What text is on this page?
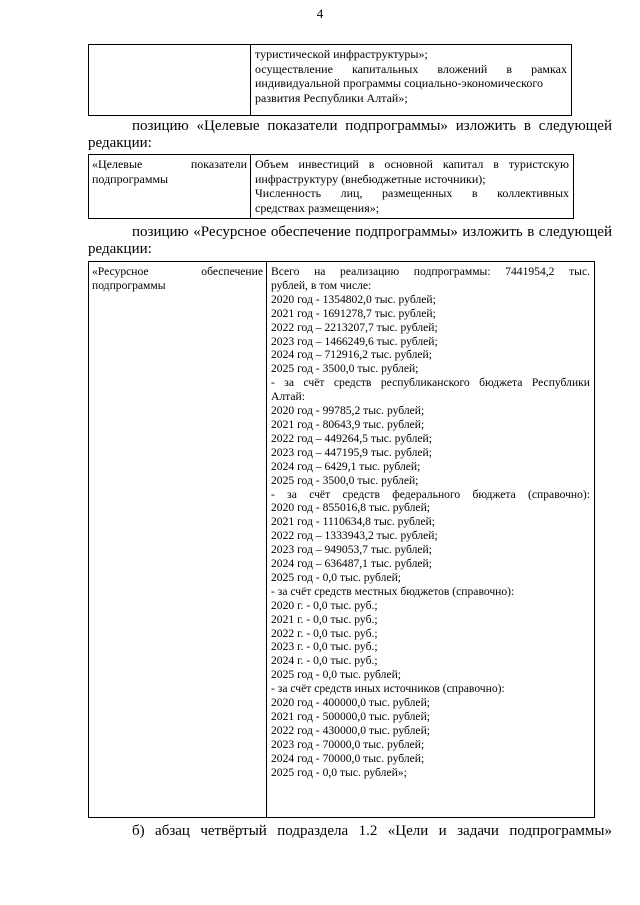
4
туристической инфраструктуры»;
осуществление капитальных вложений в рамках
индивидуальной программы социально-экономического
развития Республики Алтай»;
позицию «Целевые показатели подпрограммы» изложить в следующей
редакции:
«Целевые показатели
подпрограммы
Объем инвестиций в основной капитал в туристскую
инфраструктуру (внебюджетные источники);
Численность лиц, размещенных в коллективных
средствах размещения»;
позицию «Ресурсное обеспечение подпрограммы» изложить в следующей
редакции:
«Ресурсное обеспечение
подпрограммы
Всего на реализацию подпрограммы: 7441954,2 тыс.
рублей, в том числе:
2020 год - 1354802,0 тыс. рублей;
2021 год - 1691278,7 тыс. рублей;
2022 год – 2213207,7 тыс. рублей;
2023 год – 1466249,6 тыс. рублей;
2024 год – 712916,2 тыс. рублей;
2025 год - 3500,0 тыс. рублей;
- за счёт средств республиканского бюджета Республики
Алтай:
2020 год - 99785,2 тыс. рублей;
2021 год - 80643,9 тыс. рублей;
2022 год – 449264,5 тыс. рублей;
2023 год – 447195,9 тыс. рублей;
2024 год – 6429,1 тыс. рублей;
2025 год - 3500,0 тыс. рублей;
- за счёт средств федерального бюджета (справочно):
2020 год - 855016,8 тыс. рублей;
2021 год - 1110634,8 тыс. рублей;
2022 год – 1333943,2 тыс. рублей;
2023 год – 949053,7 тыс. рублей;
2024 год – 636487,1 тыс. рублей;
2025 год - 0,0 тыс. рублей;
- за счёт средств местных бюджетов (справочно):
2020 г. - 0,0 тыс. руб.;
2021 г. - 0,0 тыс. руб.;
2022 г. - 0,0 тыс. руб.;
2023 г. - 0,0 тыс. руб.;
2024 г. - 0,0 тыс. руб.;
2025 год - 0,0 тыс. рублей;
- за счёт средств иных источников (справочно):
2020 год - 400000,0 тыс. рублей;
2021 год - 500000,0 тыс. рублей;
2022 год - 430000,0 тыс. рублей;
2023 год - 70000,0 тыс. рублей;
2024 год - 70000,0 тыс. рублей;
2025 год - 0,0 тыс. рублей»;
б) абзац четвёртый подраздела 1.2 «Цели и задачи подпрограммы»
